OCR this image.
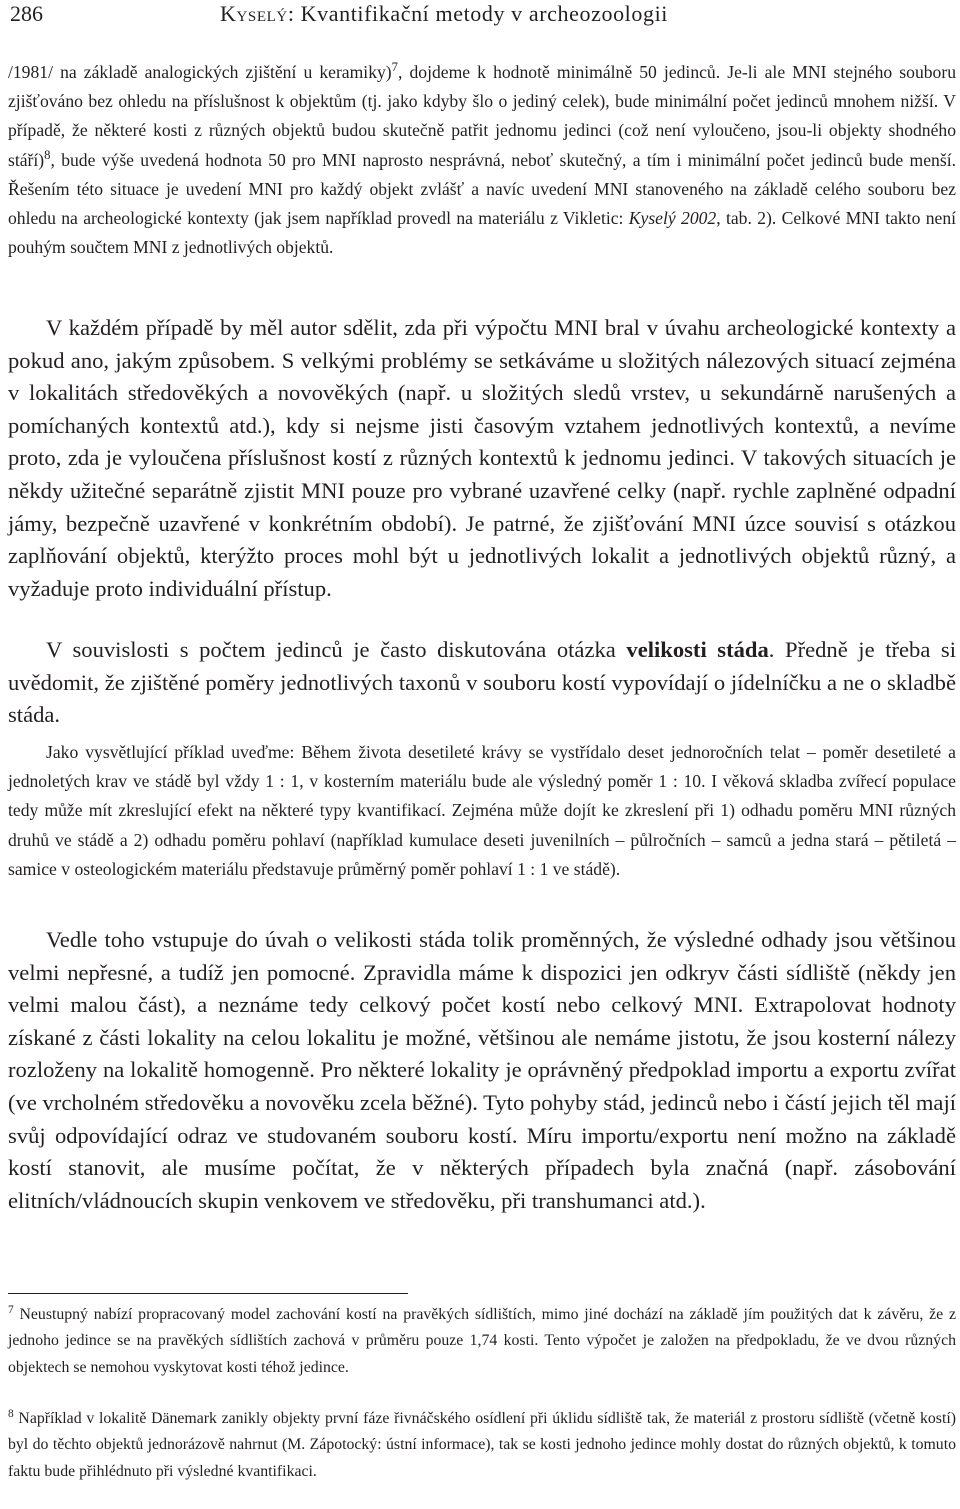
286	Kyselý: Kvantifikační metody v archeozoologii

/1981/ na základě analogických zjištění u keramiky)$^7$, dojdeme k hodnotě minimálně 50 jedinců. Je-li ale MNI stejného souboru zjišťováno bez ohledu na příslušnost k objektům (tj. jako kdyby šlo o jediný celek), bude minimální počet jedinců mnohem nižší. V případě, že některé kosti z různých objektů budou skutečně patřit jednomu jedinci (což není vyloučeno, jsou-li objekty shodného stáří)$^8$, bude výše uvedená hodnota 50 pro MNI naprosto nesprávná, neboť skutečný, a tím i minimální počet jedinců bude menší. Řešením této situace je uvedení MNI pro každý objekt zvlášť a navíc uvedení MNI stanoveného na základě celého souboru bez ohledu na archeologické kontexty (jak jsem například provedl na materiálu z Vikletic: Kyselý 2002, tab. 2). Celkové MNI takto není pouhým součtem MNI z jednotlivých objektů.

V každém případě by měl autor sdělit, zda při výpočtu MNI bral v úvahu archeologické kontexty a pokud ano, jakým způsobem. S velkými problémy se setkáváme u složitých nálezových situací zejména v lokalitách středověkých a novověkých (např. u složitých sledů vrstev, u sekundárně narušených a pomíchaných kontextů atd.), kdy si nejsme jisti časovým vztahem jednotlivých kontextů, a nevíme proto, zda je vyloučena příslušnost kostí z různých kontextů k jednomu jedinci. V takových situacích je někdy užitečné separátně zjistit MNI pouze pro vybrané uzavřené celky (např. rychle zaplněné odpadní jámy, bezpečně uzavřené v konkrétním období). Je patrné, že zjišťování MNI úzce souvisí s otázkou zaplňování objektů, kterýžto proces mohl být u jednotlivých lokalit a jednotlivých objektů různý, a vyžaduje proto individuální přístup.

V souvislosti s počtem jedinců je často diskutována otázka velikosti stáda. Předně je třeba si uvědomit, že zjištěné poměry jednotlivých taxonů v souboru kostí vypovídají o jídelníčku a ne o skladbě stáda.

Jako vysvětlující příklad uveďme: Během života desetileté krávy se vystřídalo deset jednoročních telat – poměr desetileté a jednoletých krav ve stádě byl vždy 1 : 1, v kosterním materiálu bude ale výsledný poměr 1 : 10. I věková skladba zvířecí populace tedy může mít zkreslující efekt na některé typy kvantifikací. Zejména může dojít ke zkreslení při 1) odhadu poměru MNI různých druhů ve stádě a 2) odhadu poměru pohlaví (například kumulace deseti juvenilních – půlročních – samců a jedna stará – pětiletá – samice v osteologickém materiálu představuje průměrný poměr pohlaví 1 : 1 ve stádě).

Vedle toho vstupuje do úvah o velikosti stáda tolik proměnných, že výsledné odhady jsou většinou velmi nepřesné, a tudíž jen pomocné. Zpravidla máme k dispozici jen odkryv části sídliště (někdy jen velmi malou část), a neznáme tedy celkový počet kostí nebo celkový MNI. Extrapolovat hodnoty získané z části lokality na celou lokalitu je možné, většinou ale nemáme jistotu, že jsou kosterní nálezy rozloženy na lokalitě homogenně. Pro některé lokality je oprávněný předpoklad importu a exportu zvířat (ve vrcholném středověku a novověku zcela běžné). Tyto pohyby stád, jedinců nebo i částí jejich těl mají svůj odpovídající odraz ve studovaném souboru kostí. Míru importu/exportu není možno na základě kostí stanovit, ale musíme počítat, že v některých případech byla značná (např. zásobování elitních/vládnoucích skupin venkovem ve středověku, při transhumanci atd.).

$^7$ Neustupný nabízí propracovaný model zachování kostí na pravěkých sídlištích, mimo jiné dochází na základě jím použitých dat k závěru, že z jednoho jedince se na pravěkých sídlištích zachová v průměru pouze 1,74 kosti. Tento výpočet je založen na předpokladu, že ve dvou různých objektech se nemohou vyskytovat kosti téhož jedince.

$^8$ Například v lokalitě Dänemark zanikly objekty první fáze řivnáčského osídlení při úklidu sídliště tak, že materiál z prostoru sídliště (včetně kostí) byl do těchto objektů jednorázově nahrnut (M. Zápotocký: ústní informace), tak se kosti jednoho jedince mohly dostat do různých objektů, k tomuto faktu bude přihlédnuto při výsledné kvantifikaci.
